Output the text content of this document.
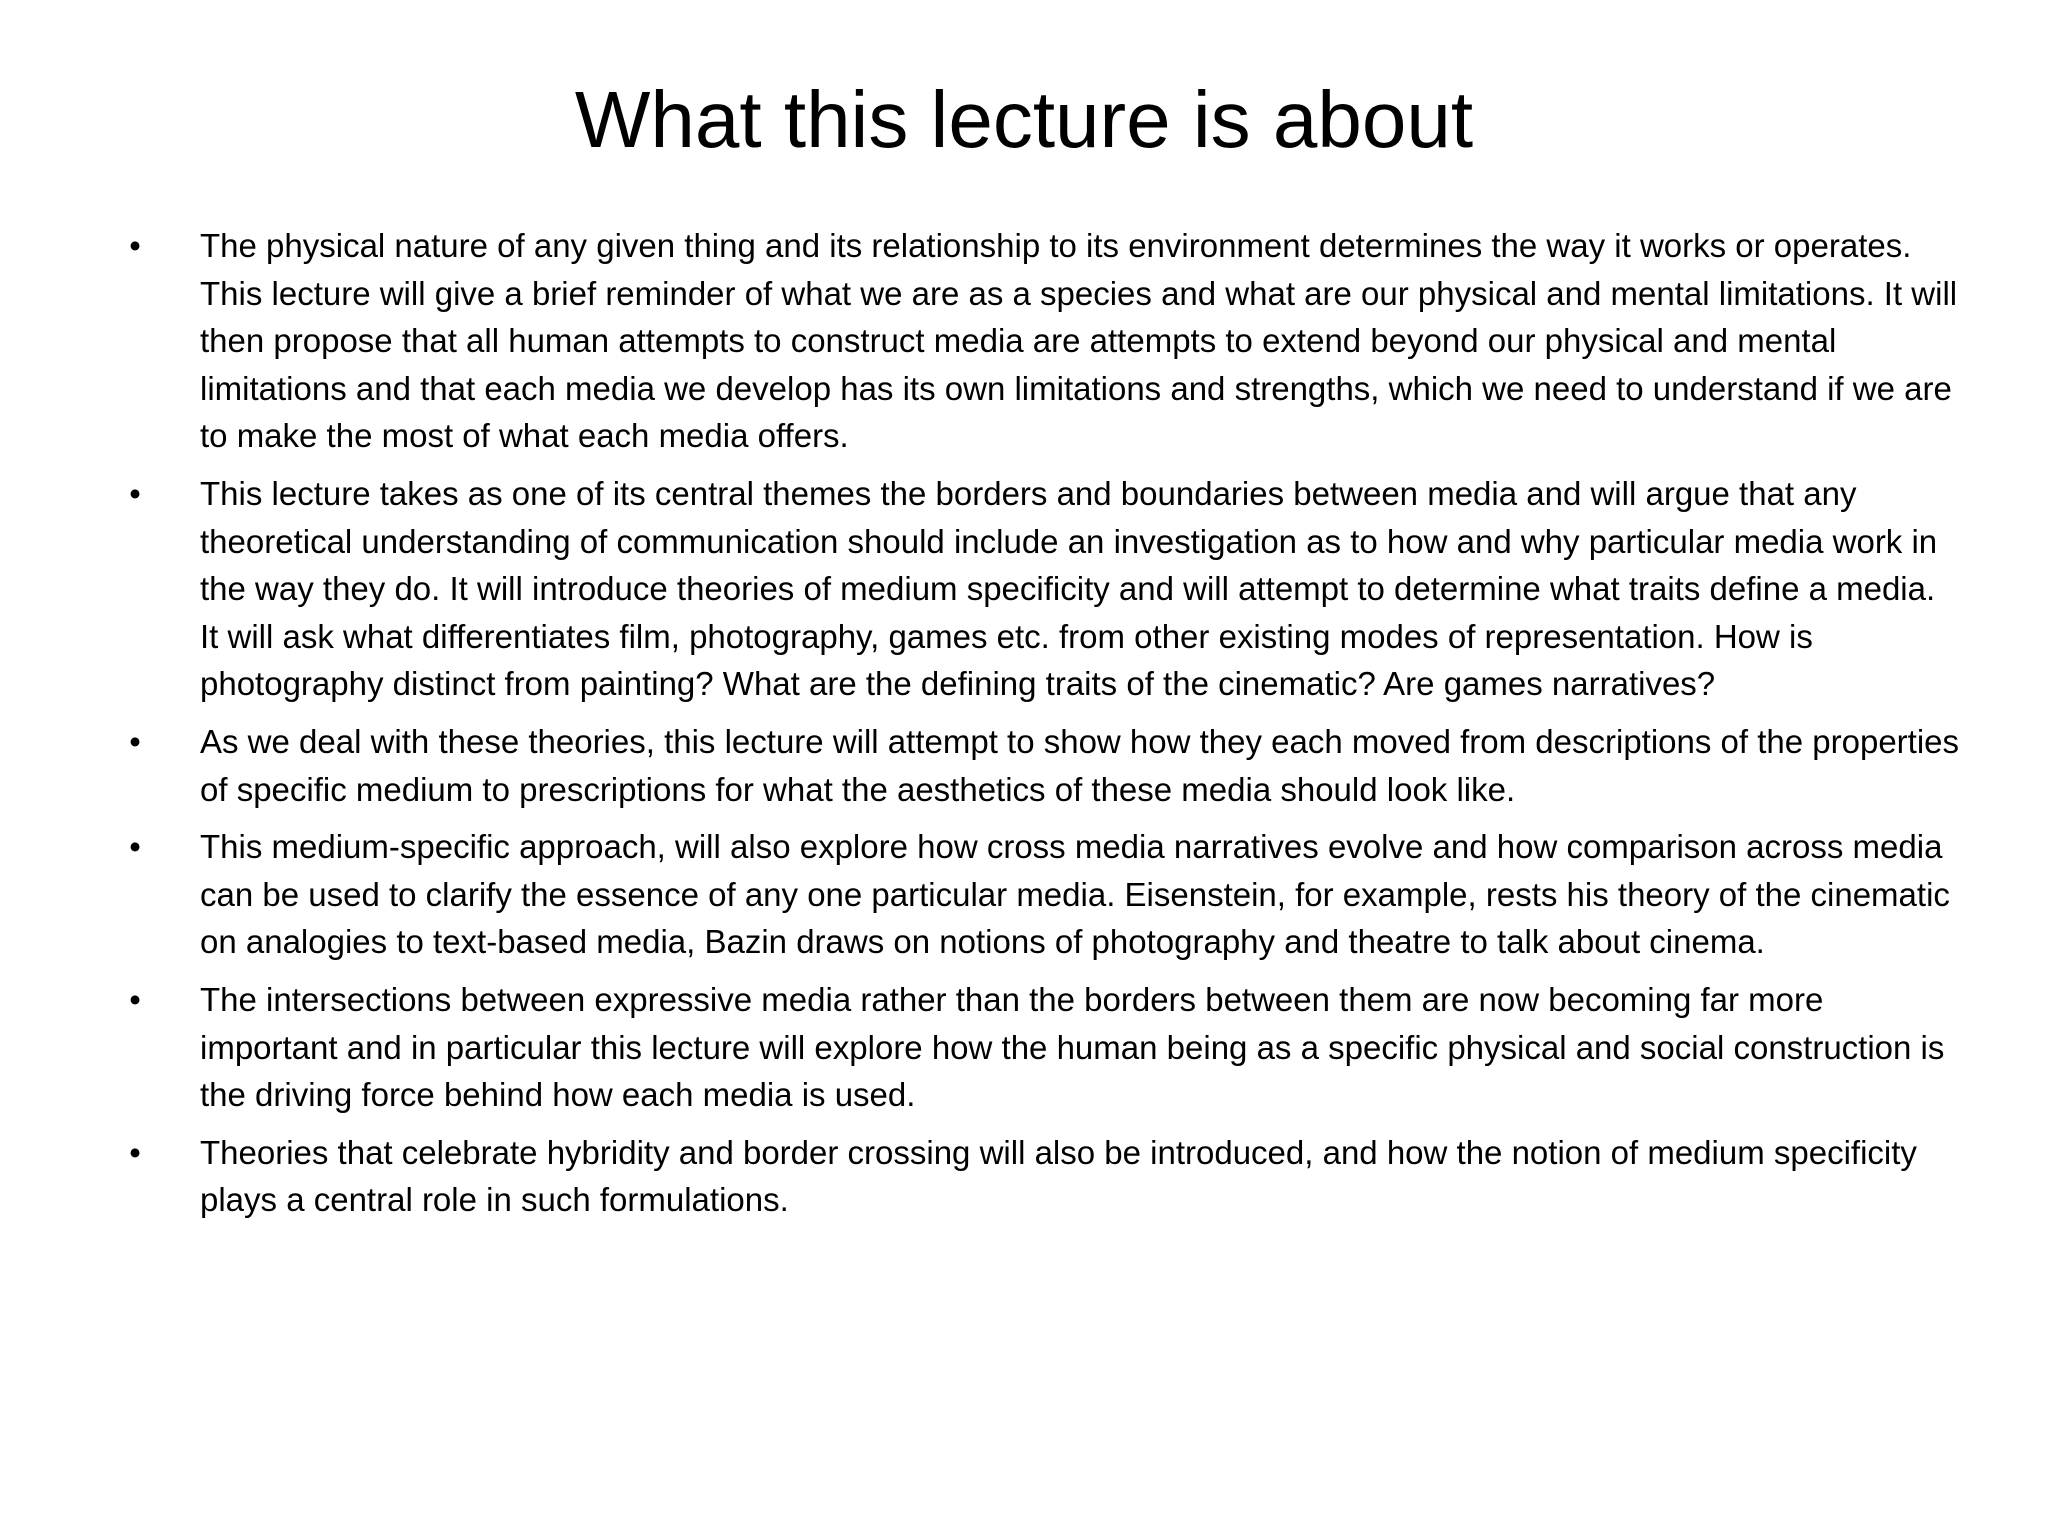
What this lecture is about
• The physical nature of any given thing and its relationship to its environment determines the way it works or operates. This lecture will give a brief reminder of what we are as a species and what are our physical and mental limitations. It will then propose that all human attempts to construct media are attempts to extend beyond our physical and mental limitations and that each media we develop has its own limitations and strengths, which we need to understand if we are to make the most of what each media offers.
• This lecture takes as one of its central themes the borders and boundaries between media and will argue that any theoretical understanding of communication should include an investigation as to how and why particular media work in the way they do. It will introduce theories of medium specificity and will attempt to determine what traits define a media. It will ask what differentiates film, photography, games etc. from other existing modes of representation. How is photography distinct from painting? What are the defining traits of the cinematic? Are games narratives?
• As we deal with these theories, this lecture will attempt to show how they each moved from descriptions of the properties of specific medium to prescriptions for what the aesthetics of these media should look like.
• This medium-specific approach, will also explore how cross media narratives evolve and how comparison across media can be used to clarify the essence of any one particular media. Eisenstein, for example, rests his theory of the cinematic on analogies to text-based media, Bazin draws on notions of photography and theatre to talk about cinema.
• The intersections between expressive media rather than the borders between them are now becoming far more important and in particular this lecture will explore how the human being as a specific physical and social construction is the driving force behind how each media is used.
• Theories that celebrate hybridity and border crossing will also be introduced, and how the notion of medium specificity plays a central role in such formulations.
